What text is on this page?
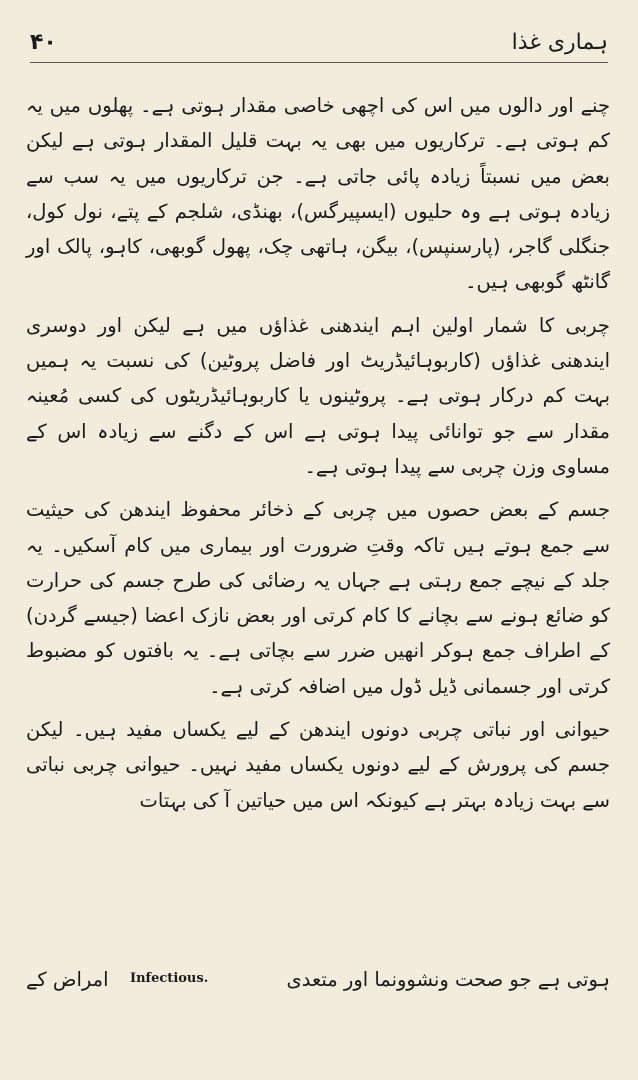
۴۰	ہماری غذا

چنے اور دالوں میں اس کی اچھی خاصی مقدار ہوتی ہے۔ پھلوں میں یہ کم ہوتی ہے۔ ترکاریوں میں بھی یہ بہت قلیل المقدار ہوتی ہے لیکن بعض میں نسبتاً زیادہ پائی جاتی ہے۔ جن ترکاریوں میں یہ سب سے زیادہ ہوتی ہے وہ حلیوں (ایسپیرگس)، بھنڈی، شلجم کے پتے، نول کول، جنگلی گاجر، (پارسنپس)، بیگن، ہاتھی چک، پھول گوبھی، کاہو، پالک اور گانٹھ گوبھی ہیں۔

چربی کا شمار اولین اہم ایندھنی غذاؤں میں ہے لیکن اور دوسری ایندھنی غذاؤں (کاربوہائیڈریٹ اور فاضل پروٹین) کی نسبت یہ ہمیں بہت کم درکار ہوتی ہے۔ پروٹینوں یا کاربوہائیڈریٹوں کی کسی مُعینہ مقدار سے جو توانائی پیدا ہوتی ہے اس کے دگنے سے زیادہ اس کے مساوی وزن چربی سے پیدا ہوتی ہے۔

جسم کے بعض حصوں میں چربی کے ذخائر محفوظ ایندھن کی حیثیت سے جمع ہوتے ہیں تاکہ وقتِ ضرورت اور بیماری میں کام آسکیں۔ یہ جلد کے نیچے جمع رہتی ہے جہاں یہ رضائی کی طرح جسم کی حرارت کو ضائع ہونے سے بچانے کا کام کرتی اور بعض نازک اعضا (جیسے گردن) کے اطراف جمع ہوکر انھیں ضرر سے بچاتی ہے۔ یہ بافتوں کو مضبوط کرتی اور جسمانی ڈیل ڈول میں اضافہ کرتی ہے۔

حیوانی اور نباتی چربی دونوں ایندھن کے لیے یکساں مفید ہیں۔ لیکن جسم کی پرورش کے لیے دونوں یکساں مفید نہیں۔ حیوانی چربی نباتی سے بہت زیادہ بہتر ہے کیونکہ اس میں حیاتین آ کی بہتات

ہوتی ہے جو صحت ونشوونما اور متعدی
Infectious.
امراض کے
